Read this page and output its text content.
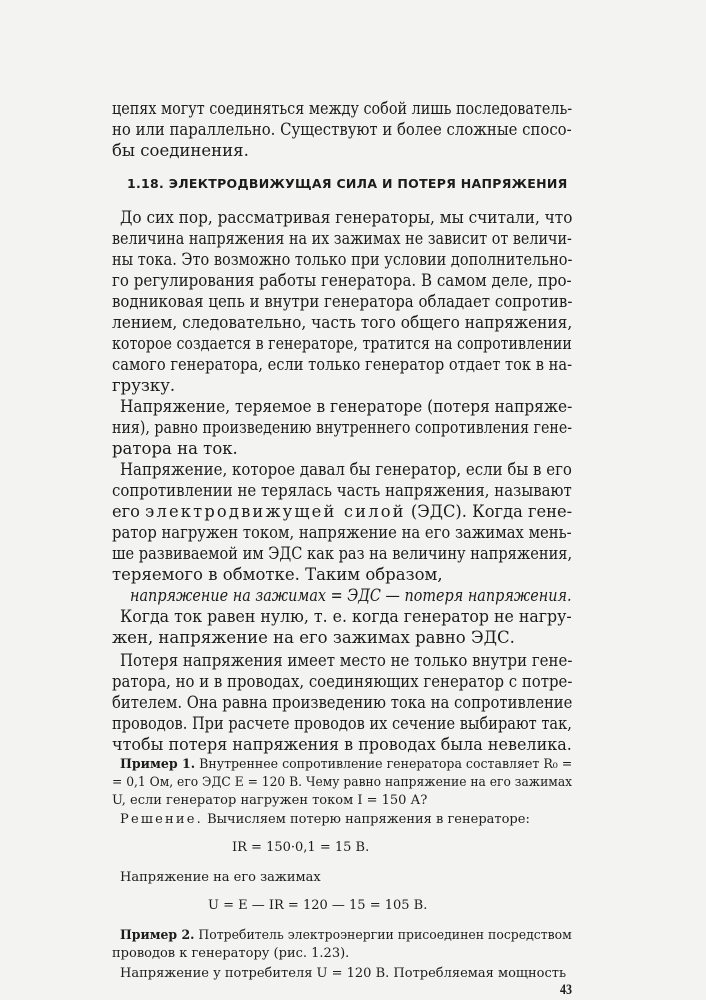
цепях могут соединяться между собой лишь последователь-
но или параллельно. Существуют и более сложные спосо-
бы соединения.
1.18. ЭЛЕКТРОДВИЖУЩАЯ СИЛА И ПОТЕРЯ НАПРЯЖЕНИЯ
До сих пор, рассматривая генераторы, мы считали, что
величина напряжения на их зажимах не зависит от величи-
ны тока. Это возможно только при условии дополнительно-
го регулирования работы генератора. В самом деле, про-
водниковая цепь и внутри генератора обладает сопротив-
лением, следовательно, часть того общего напряжения,
которое создается в генераторе, тратится на сопротивлении
самого генератора, если только генератор отдает ток в на-
грузку.
Напряжение, теряемое в генераторе (потеря напряже-
ния), равно произведению внутреннего сопротивления гене-
ратора на ток.
Напряжение, которое давал бы генератор, если бы в его
сопротивлении не терялась часть напряжения, называют
его электродвижущей силой (ЭДС). Когда гене-
ратор нагружен током, напряжение на его зажимах мень-
ше развиваемой им ЭДС как раз на величину напряжения,
теряемого в обмотке. Таким образом,
напряжение на зажимах = ЭДС — потеря напряжения.
Когда ток равен нулю, т. е. когда генератор не нагру-
жен, напряжение на его зажимах равно ЭДС.
Потеря напряжения имеет место не только внутри гене-
ратора, но и в проводах, соединяющих генератор с потре-
бителем. Она равна произведению тока на сопротивление
проводов. При расчете проводов их сечение выбирают так,
чтобы потеря напряжения в проводах была невелика.
Пример 1. Внутреннее сопротивление генератора составляет R₀ =
= 0,1 Ом, его ЭДС E = 120 В. Чему равно напряжение на его зажимах
U, если генератор нагружен током I = 150 А?
Решение. Вычисляем потерю напряжения в генераторе:
IR = 150·0,1 = 15 В.
Напряжение на его зажимах
U = E — IR = 120 — 15 = 105 В.
Пример 2. Потребитель электроэнергии присоединен посредством
проводов к генератору (рис. 1.23).
Напряжение у потребителя U = 120 В. Потребляемая мощность
43
